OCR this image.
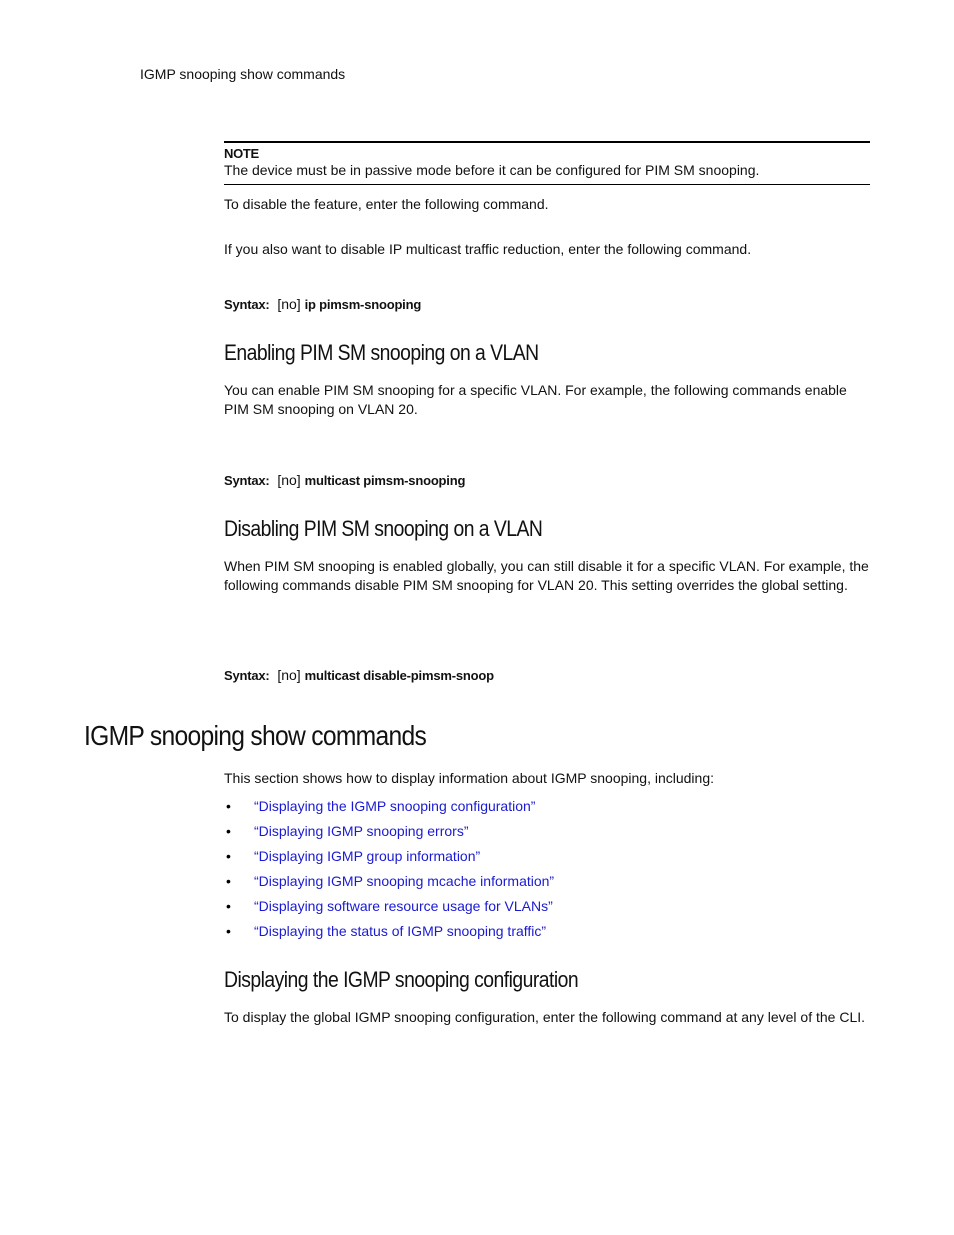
IGMP snooping show commands
NOTE
The device must be in passive mode before it can be configured for PIM SM snooping.
To disable the feature, enter the following command.
If you also want to disable IP multicast traffic reduction, enter the following command.
Syntax: [no] ip pimsm-snooping
Enabling PIM SM snooping on a VLAN
You can enable PIM SM snooping for a specific VLAN. For example, the following commands enable PIM SM snooping on VLAN 20.
Syntax: [no] multicast pimsm-snooping
Disabling PIM SM snooping on a VLAN
When PIM SM snooping is enabled globally, you can still disable it for a specific VLAN. For example, the following commands disable PIM SM snooping for VLAN 20. This setting overrides the global setting.
Syntax: [no] multicast disable-pimsm-snoop
IGMP snooping show commands
This section shows how to display information about IGMP snooping, including:
•	“Displaying the IGMP snooping configuration”
•	“Displaying IGMP snooping errors”
•	“Displaying IGMP group information”
•	“Displaying IGMP snooping mcache information”
•	“Displaying software resource usage for VLANs”
•	“Displaying the status of IGMP snooping traffic”
Displaying the IGMP snooping configuration
To display the global IGMP snooping configuration, enter the following command at any level of the CLI.
